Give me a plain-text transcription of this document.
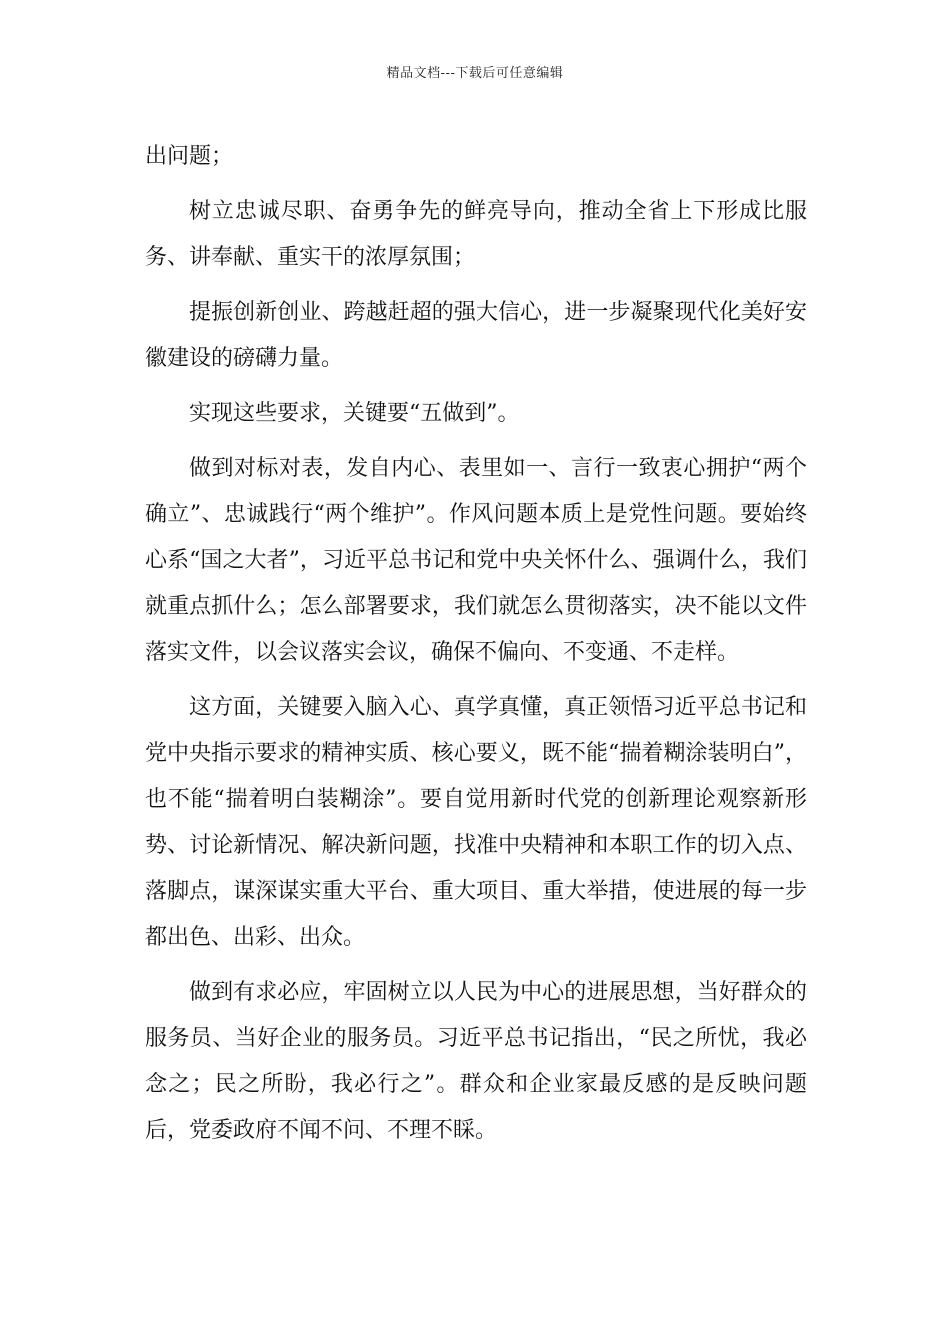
精品文档---下载后可任意编辑

出问题；

树立忠诚尽职、奋勇争先的鲜亮导向，推动全省上下形成比服务、讲奉献、重实干的浓厚氛围；

提振创新创业、跨越赶超的强大信心，进一步凝聚现代化美好安徽建设的磅礴力量。

实现这些要求，关键要“五做到”。

做到对标对表，发自内心、表里如一、言行一致衷心拥护“两个确立”、忠诚践行“两个维护”。作风问题本质上是党性问题。要始终心系“国之大者”，习近平总书记和党中央关怀什么、强调什么，我们就重点抓什么；怎么部署要求，我们就怎么贯彻落实，决不能以文件落实文件，以会议落实会议，确保不偏向、不变通、不走样。

这方面，关键要入脑入心、真学真懂，真正领悟习近平总书记和党中央指示要求的精神实质、核心要义，既不能“揣着糊涂装明白”，也不能“揣着明白装糊涂”。要自觉用新时代党的创新理论观察新形势、讨论新情况、解决新问题，找准中央精神和本职工作的切入点、落脚点，谋深谋实重大平台、重大项目、重大举措，使进展的每一步都出色、出彩、出众。

做到有求必应，牢固树立以人民为中心的进展思想，当好群众的服务员、当好企业的服务员。习近平总书记指出，“民之所忧，我必念之；民之所盼，我必行之”。群众和企业家最反感的是反映问题后，党委政府不闻不问、不理不睬。
